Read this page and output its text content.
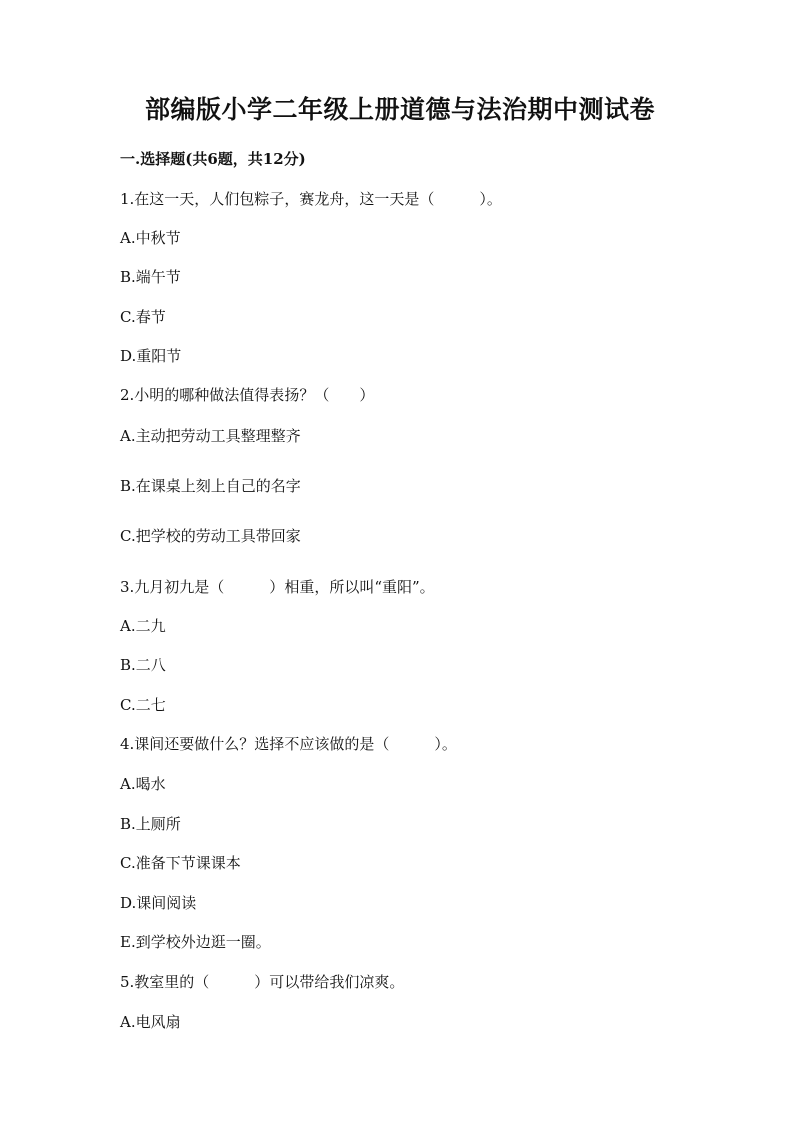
部编版小学二年级上册道德与法治期中测试卷
一.选择题(共6题，共12分)
1.在这一天，人们包粽子，赛龙舟，这一天是（　　　）。
A.中秋节
B.端午节
C.春节
D.重阳节
2.小明的哪种做法值得表扬？（　　）
A.主动把劳动工具整理整齐
B.在课桌上刻上自己的名字
C.把学校的劳动工具带回家
3.九月初九是（　　　）相重，所以叫“重阳”。
A.二九
B.二八
C.二七
4.课间还要做什么？选择不应该做的是（　　　）。
A.喝水
B.上厕所
C.准备下节课课本
D.课间阅读
E.到学校外边逛一圈。
5.教室里的（　　　）可以带给我们凉爽。
A.电风扇
